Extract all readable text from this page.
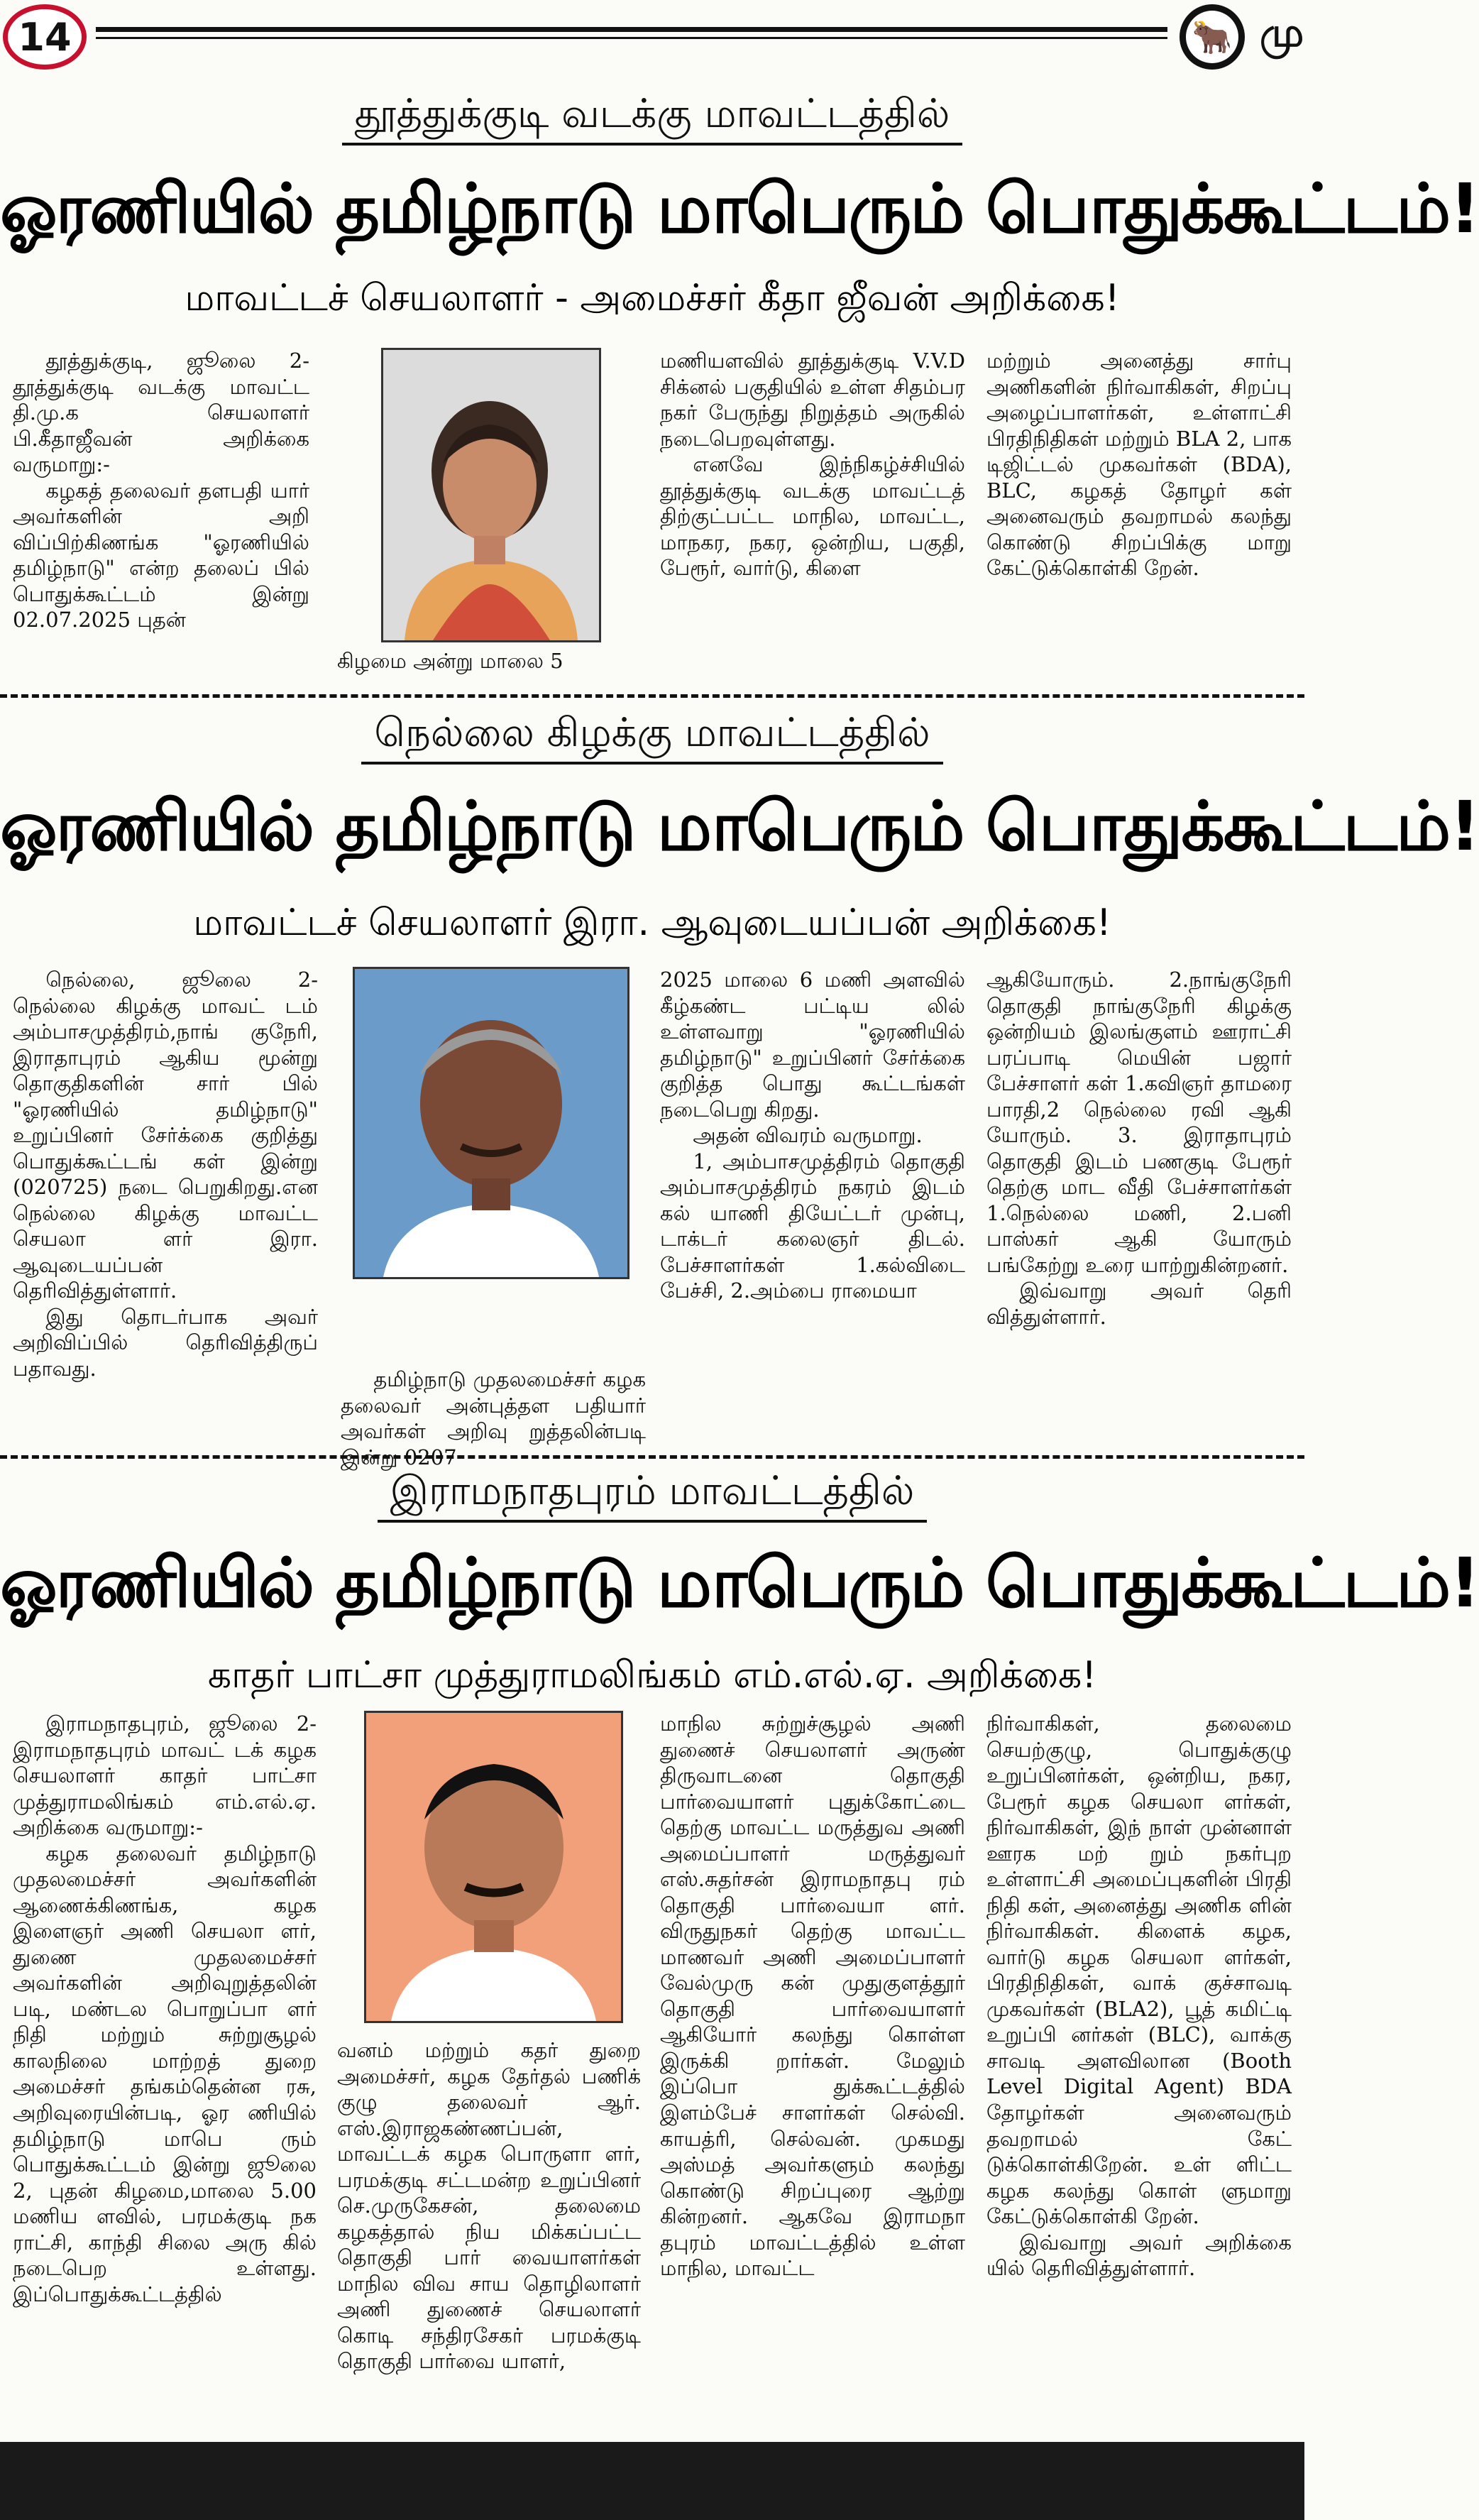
14	🐂 மு
தூத்துக்குடி வடக்கு மாவட்டத்தில்
ஓரணியில் தமிழ்நாடு மாபெரும் பொதுக்கூட்டம்!
மாவட்டச் செயலாளர் - அமைச்சர் கீதா ஜீவன் அறிக்கை!

தூத்துக்குடி, ஜூலை 2- தூத்துக்குடி வடக்கு மாவட்ட தி.மு.க செயலாளர் பி.கீதாஜீவன் அறிக்கை வருமாறு:-

கழகத் தலைவர் தளபதி யார் அவர்களின் அறி விப்பிற்கிணங்க "ஓரணியில் தமிழ்நாடு" என்ற தலைப் பில் பொதுக்கூட்டம் இன்று 02.07.2025 புதன்

கிழமை அன்று மாலை 5

மணியளவில் தூத்துக்குடி V.V.D சிக்னல் பகுதியில் உள்ள சிதம்பர நகர் பேருந்து நிறுத்தம் அருகில் நடைபெறவுள்ளது.

எனவே இந்நிகழ்ச்சியில் தூத்துக்குடி வடக்கு மாவட்டத் திற்குட்பட்ட மாநில, மாவட்ட, மாநகர, நகர, ஒன்றிய, பகுதி, பேரூர், வார்டு, கிளை

மற்றும் அனைத்து சார்பு அணிகளின் நிர்வாகிகள், சிறப்பு அழைப்பாளர்கள், உள்ளாட்சி பிரதிநிதிகள் மற்றும் BLA 2, பாக டிஜிட்டல் முகவர்கள் (BDA), BLC, கழகத் தோழர் கள் அனைவரும் தவறாமல் கலந்து கொண்டு சிறப்பிக்கு மாறு கேட்டுக்கொள்கி றேன்.

நெல்லை கிழக்கு மாவட்டத்தில்
ஓரணியில் தமிழ்நாடு மாபெரும் பொதுக்கூட்டம்!
மாவட்டச் செயலாளர் இரா. ஆவுடையப்பன் அறிக்கை!

நெல்லை, ஜூலை 2- நெல்லை கிழக்கு மாவட் டம் அம்பாசமுத்திரம்,நாங் குநேரி, இராதாபுரம் ஆகிய மூன்று தொகுதிகளின் சார் பில் "ஓரணியில் தமிழ்நாடு" உறுப்பினர் சேர்க்கை குறித்து பொதுக்கூட்டங் கள் இன்று (020725) நடை பெறுகிறது.என நெல்லை கிழக்கு மாவட்ட செயலா ளர் இரா. ஆவுடையப்பன் தெரிவித்துள்ளார்.

இது தொடர்பாக அவர் அறிவிப்பில் தெரிவித்திருப் பதாவது.	தமிழ்நாடு முதலமைச்சர் கழக தலைவர் அன்புத்தள பதியார் அவர்கள் அறிவு றுத்தலின்படி இன்று 0207

2025 மாலை 6 மணி அளவில் கீழ்கண்ட பட்டிய லில் உள்ளவாறு "ஓரணியில் தமிழ்நாடு" உறுப்பினர் சேர்க்கை குறித்த பொது கூட்டங்கள் நடைபெறு கிறது.

அதன் விவரம் வருமாறு.

1, அம்பாசமுத்திரம் தொகுதி அம்பாசமுத்திரம் நகரம் இடம் கல் யாணி தியேட்டர் முன்பு, டாக்டர் கலைஞர் திடல். பேச்சாளர்கள் 1.கல்விடை பேச்சி, 2.அம்பை ராமையா

ஆகியோரும். 2.நாங்குநேரி தொகுதி நாங்குநேரி கிழக்கு ஒன்றியம் இலங்குளம் ஊராட்சி பரப்பாடி மெயின் பஜார் பேச்சாளர் கள் 1.கவிஞர் தாமரை பாரதி,2 நெல்லை ரவி ஆகி யோரும். 3. இராதாபுரம் தொகுதி இடம் பணகுடி பேரூர் தெற்கு மாட வீதி பேச்சாளர்கள் 1.நெல்லை மணி, 2.பனி பாஸ்கர் ஆகி யோரும் பங்கேற்று உரை யாற்றுகின்றனர்.

இவ்வாறு அவர் தெரி வித்துள்ளார்.

இராமநாதபுரம் மாவட்டத்தில்
ஓரணியில் தமிழ்நாடு மாபெரும் பொதுக்கூட்டம்!
காதர் பாட்சா முத்துராமலிங்கம் எம்.எல்.ஏ. அறிக்கை!

இராமநாதபுரம், ஜூலை 2- இராமநாதபுரம் மாவட் டக் கழக செயலாளர் காதர் பாட்சா முத்துராமலிங்கம் எம்.எல்.ஏ. அறிக்கை வருமாறு:-

கழக தலைவர் தமிழ்நாடு முதலமைச்சர் அவர்களின் ஆணைக்கிணங்க, கழக இளைஞர் அணி செயலா ளர், துணை முதலமைச்சர் அவர்களின் அறிவுறுத்தலின் படி, மண்டல பொறுப்பா ளர் நிதி மற்றும் சுற்றுசூழல் காலநிலை மாற்றத் துறை அமைச்சர் தங்கம்தென்ன ரசு, அறிவுரையின்படி, ஓர ணியில் தமிழ்நாடு மாபெ ரும் பொதுக்கூட்டம் இன்று ஜூலை 2, புதன் கிழமை,மாலை 5.00 மணிய ளவில், பரமக்குடி நக ராட்சி, காந்தி சிலை அரு கில் நடைபெற உள்ளது. இப்பொதுக்கூட்டத்தில்

வனம் மற்றும் கதர் துறை அமைச்சர், கழக தேர்தல் பணிக் குழு தலைவர் ஆர். எஸ்.இராஜகண்ணப்பன், மாவட்டக் கழக பொருளா ளர், பரமக்குடி சட்டமன்ற உறுப்பினர் செ.முருகேசன், தலைமை கழகத்தால் நிய மிக்கப்பட்ட தொகுதி பார் வையாளர்கள் மாநில விவ சாய தொழிலாளர் அணி துணைச் செயலாளர் கொடி சந்திரசேகர் பரமக்குடி தொகுதி பார்வை யாளர்,

மாநில சுற்றுச்சூழல் அணி துணைச் செயலாளர் அருண் திருவாடனை தொகுதி பார்வையாளர் புதுக்கோட்டை தெற்கு மாவட்ட மருத்துவ அணி அமைப்பாளர் மருத்துவர் எஸ்.சுதர்சன் இராமநாதபு ரம் தொகுதி பார்வையா ளர். விருதுநகர் தெற்கு மாவட்ட மாணவர் அணி அமைப்பாளர் வேல்முரு கன் முதுகுளத்தூர் தொகுதி பார்வையாளர் ஆகியோர் கலந்து கொள்ள இருக்கி றார்கள். மேலும் இப்பொ துக்கூட்டத்தில் இளம்பேச் சாளர்கள் செல்வி. காயத்ரி, செல்வன். முகமது அஸ்மத் அவர்களும் கலந்து கொண்டு சிறப்புரை ஆற்று கின்றனர். ஆகவே இராமநா தபுரம் மாவட்டத்தில் உள்ள மாநில, மாவட்ட

நிர்வாகிகள், தலைமை செயற்குழு, பொதுக்குழு உறுப்பினர்கள், ஒன்றிய, நகர, பேரூர் கழக செயலா ளர்கள், நிர்வாகிகள், இந் நாள் முன்னாள் ஊரக மற் றும் நகர்புற உள்ளாட்சி அமைப்புகளின் பிரதி நிதி கள், அனைத்து அணிக ளின் நிர்வாகிகள். கிளைக் கழக, வார்டு கழக செயலா ளர்கள், பிரதிநிதிகள், வாக் குச்சாவடி முகவர்கள் (BLA2), பூத் கமிட்டி உறுப்பி னர்கள் (BLC), வாக்கு சாவடி அளவிலான (Booth Level Digital Agent) BDA தோழர்கள் அனைவரும் தவறாமல் கேட் டுக்கொள்கிறேன். உள் ளிட்ட கழக கலந்து கொள் ளுமாறு கேட்டுக்கொள்கி றேன்.

இவ்வாறு அவர் அறிக்கை யில் தெரிவித்துள்ளார்.
